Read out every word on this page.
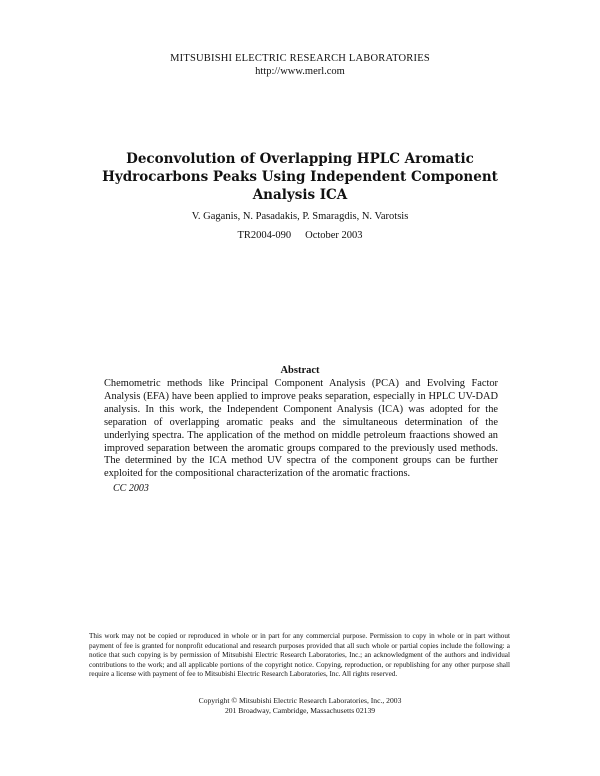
MITSUBISHI ELECTRIC RESEARCH LABORATORIES
http://www.merl.com
Deconvolution of Overlapping HPLC Aromatic
Hydrocarbons Peaks Using Independent Component
Analysis ICA
V. Gaganis, N. Pasadakis, P. Smaragdis, N. Varotsis
TR2004-090 October 2003
Abstract
Chemometric methods like Principal Component Analysis (PCA) and Evolving Factor Analysis (EFA) have been applied to improve peaks separation, especially in HPLC UV-DAD analysis. In this work, the Independent Component Analysis (ICA) was adopted for the separation of overlapping aromatic peaks and the simultaneous determination of the underlying spectra. The application of the method on middle petroleum fraactions showed an improved separation between the aromatic groups compared to the previously used methods. The determined by the ICA method UV spectra of the component groups can be further exploited for the compositional characterization of the aromatic fractions.
CC 2003
This work may not be copied or reproduced in whole or in part for any commercial purpose. Permission to copy in whole or in part without payment of fee is granted for nonprofit educational and research purposes provided that all such whole or partial copies include the following: a notice that such copying is by permission of Mitsubishi Electric Research Laboratories, Inc.; an acknowledgment of the authors and individual contributions to the work; and all applicable portions of the copyright notice. Copying, reproduction, or republishing for any other purpose shall require a license with payment of fee to Mitsubishi Electric Research Laboratories, Inc. All rights reserved.
Copyright © Mitsubishi Electric Research Laboratories, Inc., 2003
201 Broadway, Cambridge, Massachusetts 02139
